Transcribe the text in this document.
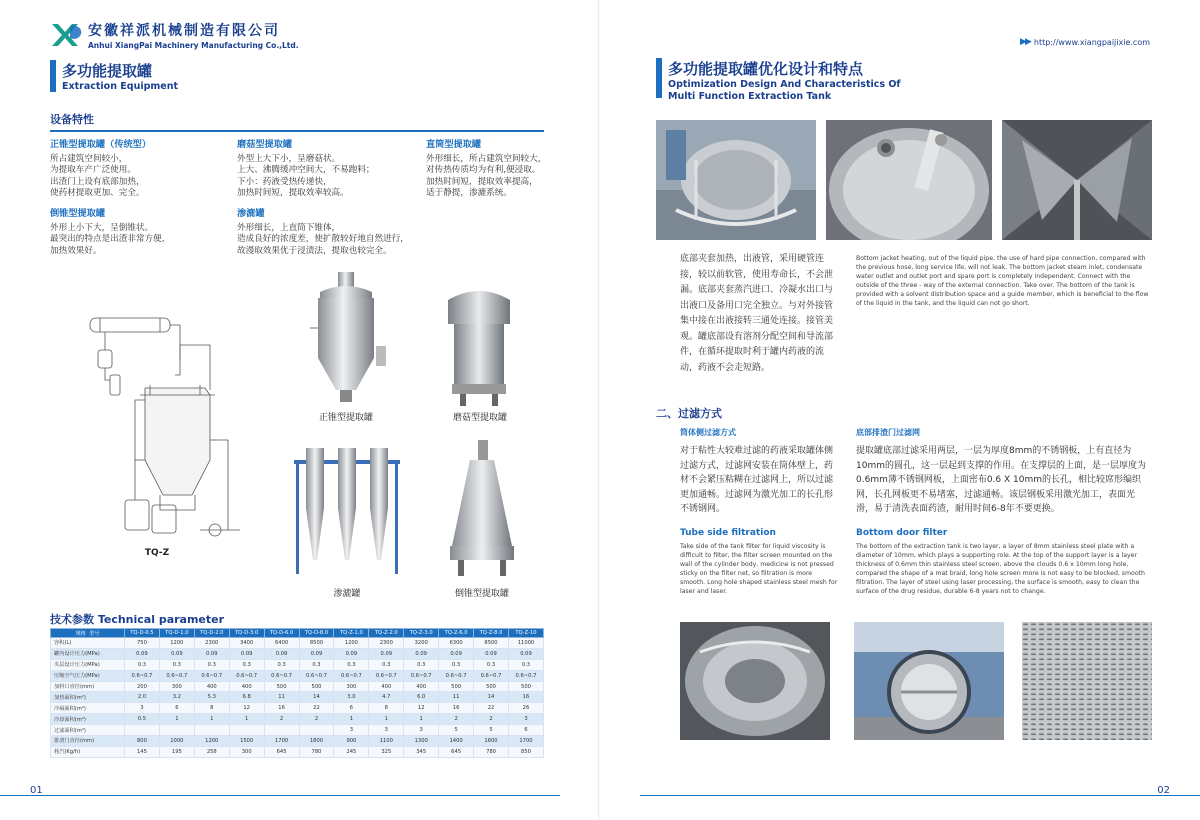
安徽祥派机械制造有限公司
Anhui XiangPai Machinery Manufacturing Co.,Ltd.
多功能提取罐
Extraction Equipment
设备特性
正锥型提取罐（传统型）
所占建筑空间较小，
为提取车产广泛使用。
出渣门上设有底部加热，
使药材提取更加、完全。
磨菇型提取罐
外型上大下小，呈磨菇状。
上大、沸腾缓冲空间大，不易跑料；
下小：药液受热传递快，
加热时间短，提取效率较高。
直筒型提取罐
外形细长，所占建筑空间较大，
对传热传质均为有利,便浸取。
加热时间短，提取效率提高，
适于静提，渗漉系统。
倒锥型提取罐
外形上小下大，呈倒锥状。
最突出的特点是出渣非常方便，
加热效果好。
渗漉罐
外形细长，上直筒下锥体，
造成良好的浓度差，使扩散较好地自然进行，
故漫取效果优于浸渍法，提取也较完全。
TQ-Z
正锥型提取罐	磨菇型提取罐
渗漉罐	倒锥型提取罐
技术参数 Technical parameter
规格 型号	TQ-D-0.5	TQ-D-1.0	TQ-D-2.0	TQ-D-3.0	TQ-D-6.0	TQ-D-8.0	TQ-Z-1.0	TQ-Z-2.0	TQ-Z-3.0	TQ-Z-6.0	TQ-Z-8.0	TQ-Z-10
容积(L)	750	1200	2300	3400	6400	8500	1200	2300	3200	6300	8500	11000
罐内设计压力(MPa)	0.09	0.09	0.09	0.09	0.09	0.09	0.09	0.09	0.09	0.09	0.09	0.09
夹层设计压力(MPa)	0.3	0.3	0.3	0.3	0.3	0.3	0.3	0.3	0.3	0.3	0.3	0.3
压缩空气压力(MPa)	0.6~0.7	0.6~0.7	0.6~0.7	0.6~0.7	0.6~0.7	0.6~0.7	0.6~0.7	0.6~0.7	0.6~0.7	0.6~0.7	0.6~0.7	0.6~0.7
加料口直径(mm)	200	300	400	400	500	500	300	400	400	500	500	500
加热面积(m²)	2.0	3.2	5.3	6.8	11	14	3.0	4.7	6.0	11	14	16
冷凝面积(m²)	3	6	8	12	16	22	6	8	12	16	22	26
冷却面积(m²)	0.5	1	1	1	2	2	1	1	1	2	2	3
过滤面积(m²)							3	3	3	5	5	6
排渣门直径(mm)	800	1000	1200	1500	1700	1800	900	1100	1300	1400	1600	1700
耗汽(Kg/h)	145	195	258	300	645	780	245	325	345	645	780	850
01
▶▶ http://www.xiangpaijixie.com
多功能提取罐优化设计和特点
Optimization Design And Characteristics Of
Multi Function Extraction Tank
底部夹套加热，出液管，采用硬管连接，较以前软管，使用寿命长，不会泄漏。底部夹套蒸汽进口、冷凝水出口与出液口及备用口完全独立。与对外接管集中接在出液接转三通处连接。接管美观。罐底部设有溶剂分配空间和导流部件，在循环提取时利于罐内药液的流动，药液不会走短路。
Bottom jacket heating, out of the liquid pipe, the use of hard pipe connection, compared with the previous hose, long service life, will not leak. The bottom jacket steam inlet, condensate water outlet and outlet port and spare port is completely independent. Connect with the outside of the three - way of the external connection. Take over. The bottom of the tank is provided with a solvent distribution space and a guide member, which is beneficial to the flow of the liquid in the tank, and the liquid can not go short.
二、过滤方式
筒体侧过滤方式
对于粘性大较难过滤的药液采取罐体侧过滤方式，过滤网安装在筒体壁上，药材不会紧压粘糊在过滤网上，所以过滤更加通畅。过滤网为激光加工的长孔形不锈钢网。
Tube side filtration
Take side of the tank filter for liquid viscosity is difficult to filter, the filter screen mounted on the wall of the cylinder body, medicine is not pressed sticky on the filter net, so filtration is more smooth. Long hole shaped stainless steel mesh for laser and laser.
底部排渣门过滤网
提取罐底部过滤采用两层，一层为厚度8mm的不锈钢板，上有直径为10mm的圆孔，这一层起到支撑的作用。在支撑层的上面，是一层厚度为0.6mm薄不锈钢网板，上面密布0.6 X 10mm的长孔，相比较席形编织网，长孔网板更不易堵塞，过滤通畅。该层钢板采用激光加工，表面光滑，易于清洗表面药渣，耐用时间6-8年不要更换。
Bottom door filter
The bottom of the extraction tank is two layer, a layer of 8mm stainless steel plate with a diameter of 10mm, which plays a supporting role. At the top of the support layer is a layer thickness of 0.6mm thin stainless steel screen, above the clouds 0.6 x 10mm long hole, compared the shape of a mat braid, long hole screen more is not easy to be blocked, smooth filtration. The layer of steel using laser processing, the surface is smooth, easy to clean the surface of the drug residue, durable 6-8 years not to change.
02
